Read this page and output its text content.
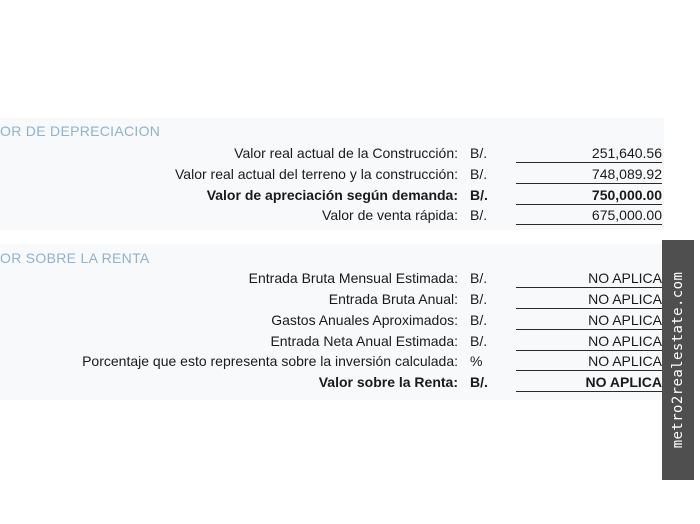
OR DE DEPRECIACION
Valor real actual de la Construcción: B/.	251,640.56
Valor real actual del terreno y la construcción: B/.	748,089.92
Valor de apreciación según demanda: B/.	750,000.00
Valor de venta rápida: B/.	675,000.00
OR SOBRE LA RENTA
Entrada Bruta Mensual Estimada: B/.	NO APLICA
Entrada Bruta Anual: B/.	NO APLICA
Gastos Anuales Aproximados: B/.	NO APLICA
Entrada Neta Anual Estimada: B/.	NO APLICA
Porcentaje que esto representa sobre la inversión calculada: %	NO APLICA
Valor sobre la Renta: B/.	NO APLICA metro2realestate.com
